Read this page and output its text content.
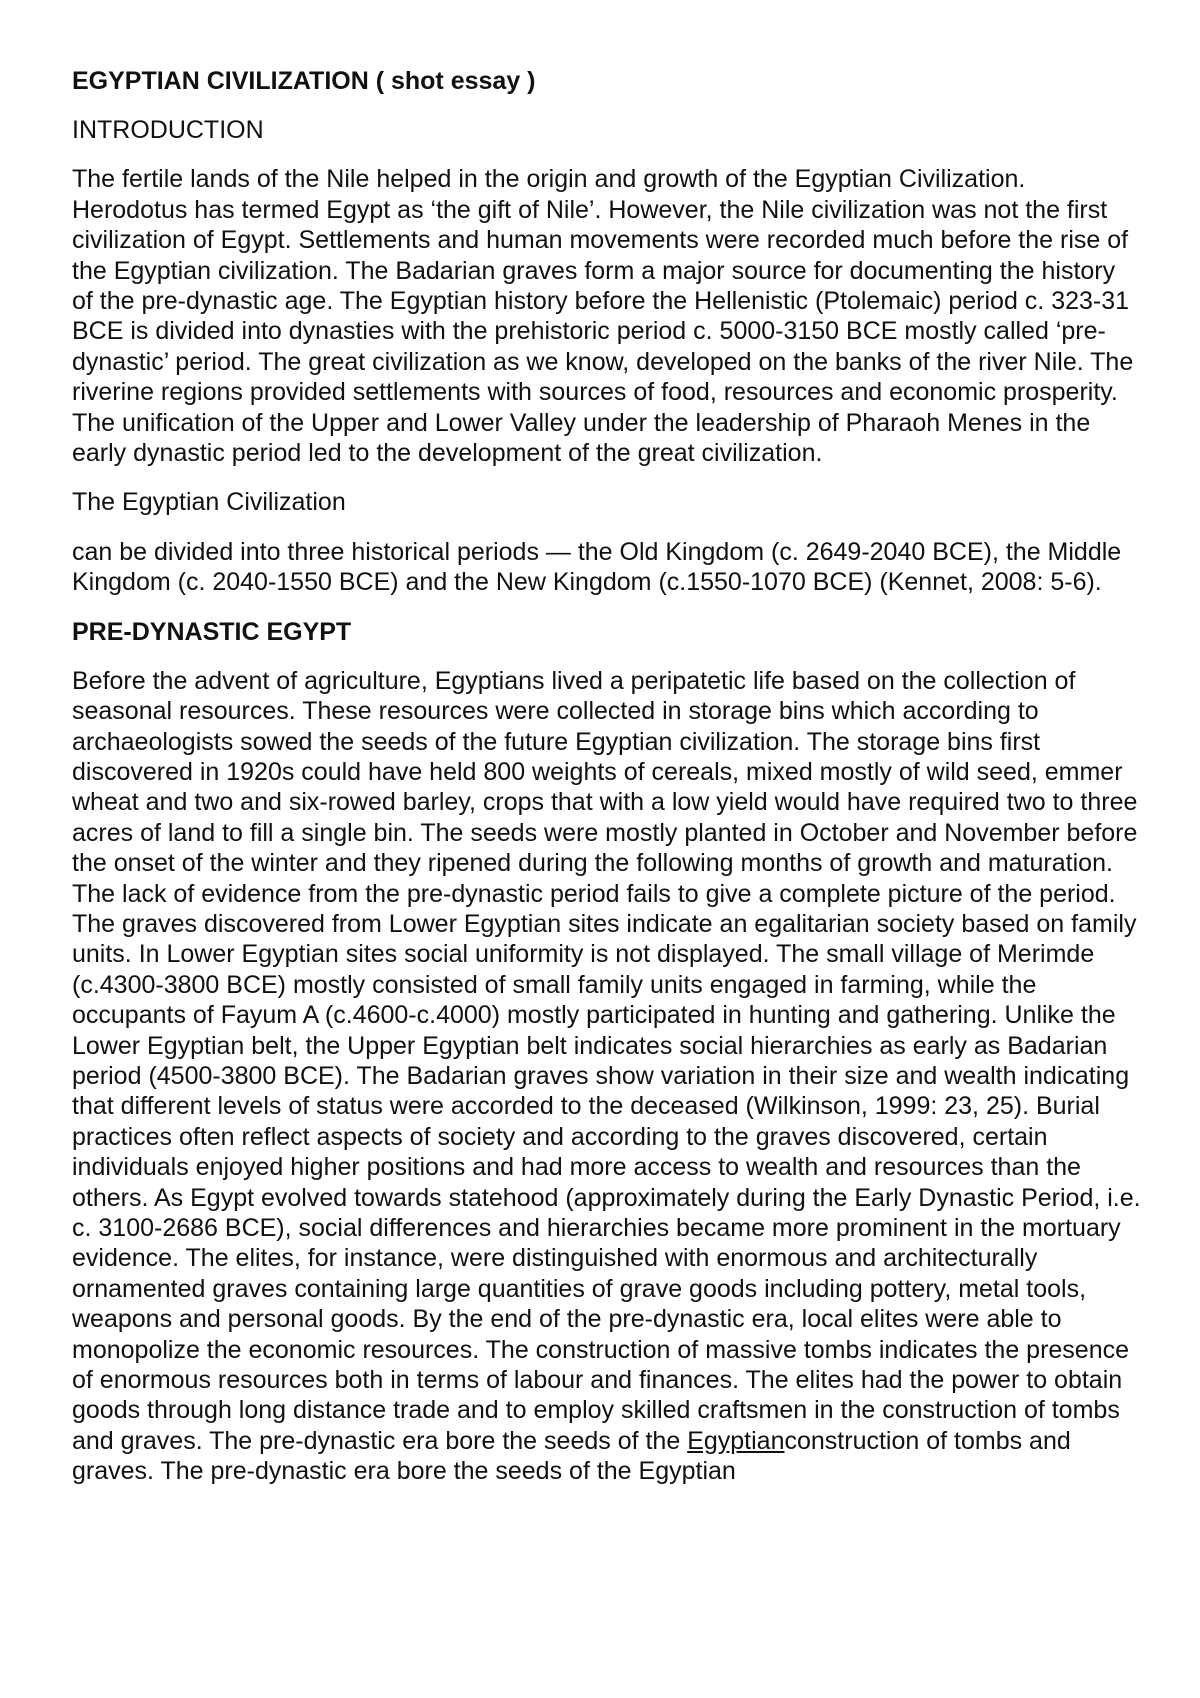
EGYPTIAN CIVILIZATION ( shot essay )
INTRODUCTION
The fertile lands of the Nile helped in the origin and growth of the Egyptian Civilization. Herodotus has termed Egypt as ‘the gift of Nile’. However, the Nile civilization was not the first civilization of Egypt. Settlements and human movements were recorded much before the rise of the Egyptian civilization. The Badarian graves form a major source for documenting the history of the pre-dynastic age. The Egyptian history before the Hellenistic (Ptolemaic) period c. 323-31 BCE is divided into dynasties with the prehistoric period c. 5000-3150 BCE mostly called ‘pre-dynastic’ period. The great civilization as we know, developed on the banks of the river Nile. The riverine regions provided settlements with sources of food, resources and economic prosperity. The unification of the Upper and Lower Valley under the leadership of Pharaoh Menes in the early dynastic period led to the development of the great civilization.
The Egyptian Civilization
can be divided into three historical periods — the Old Kingdom (c. 2649-2040 BCE), the Middle Kingdom (c. 2040-1550 BCE) and the New Kingdom (c.1550-1070 BCE) (Kennet, 2008: 5-6).
PRE-DYNASTIC EGYPT
Before the advent of agriculture, Egyptians lived a peripatetic life based on the collection of seasonal resources. These resources were collected in storage bins which according to archaeologists sowed the seeds of the future Egyptian civilization. The storage bins first discovered in 1920s could have held 800 weights of cereals, mixed mostly of wild seed, emmer wheat and two and six-rowed barley, crops that with a low yield would have required two to three acres of land to fill a single bin. The seeds were mostly planted in October and November before the onset of the winter and they ripened during the following months of growth and maturation. The lack of evidence from the pre-dynastic period fails to give a complete picture of the period. The graves discovered from Lower Egyptian sites indicate an egalitarian society based on family units. In Lower Egyptian sites social uniformity is not displayed. The small village of Merimde (c.4300-3800 BCE) mostly consisted of small family units engaged in farming, while the occupants of Fayum A (c.4600-c.4000) mostly participated in hunting and gathering. Unlike the Lower Egyptian belt, the Upper Egyptian belt indicates social hierarchies as early as Badarian period (4500-3800 BCE). The Badarian graves show variation in their size and wealth indicating that different levels of status were accorded to the deceased (Wilkinson, 1999: 23, 25). Burial practices often reflect aspects of society and according to the graves discovered, certain individuals enjoyed higher positions and had more access to wealth and resources than the others. As Egypt evolved towards statehood (approximately during the Early Dynastic Period, i.e. c. 3100-2686 BCE), social differences and hierarchies became more prominent in the mortuary evidence. The elites, for instance, were distinguished with enormous and architecturally ornamented graves containing large quantities of grave goods including pottery, metal tools, weapons and personal goods. By the end of the pre-dynastic era, local elites were able to monopolize the economic resources. The construction of massive tombs indicates the presence of enormous resources both in terms of labour and finances. The elites had the power to obtain goods through long distance trade and to employ skilled craftsmen in the construction of tombs and graves. The pre-dynastic era bore the seeds of the Egyptianconstruction of tombs and graves. The pre-dynastic era bore the seeds of the Egyptian
